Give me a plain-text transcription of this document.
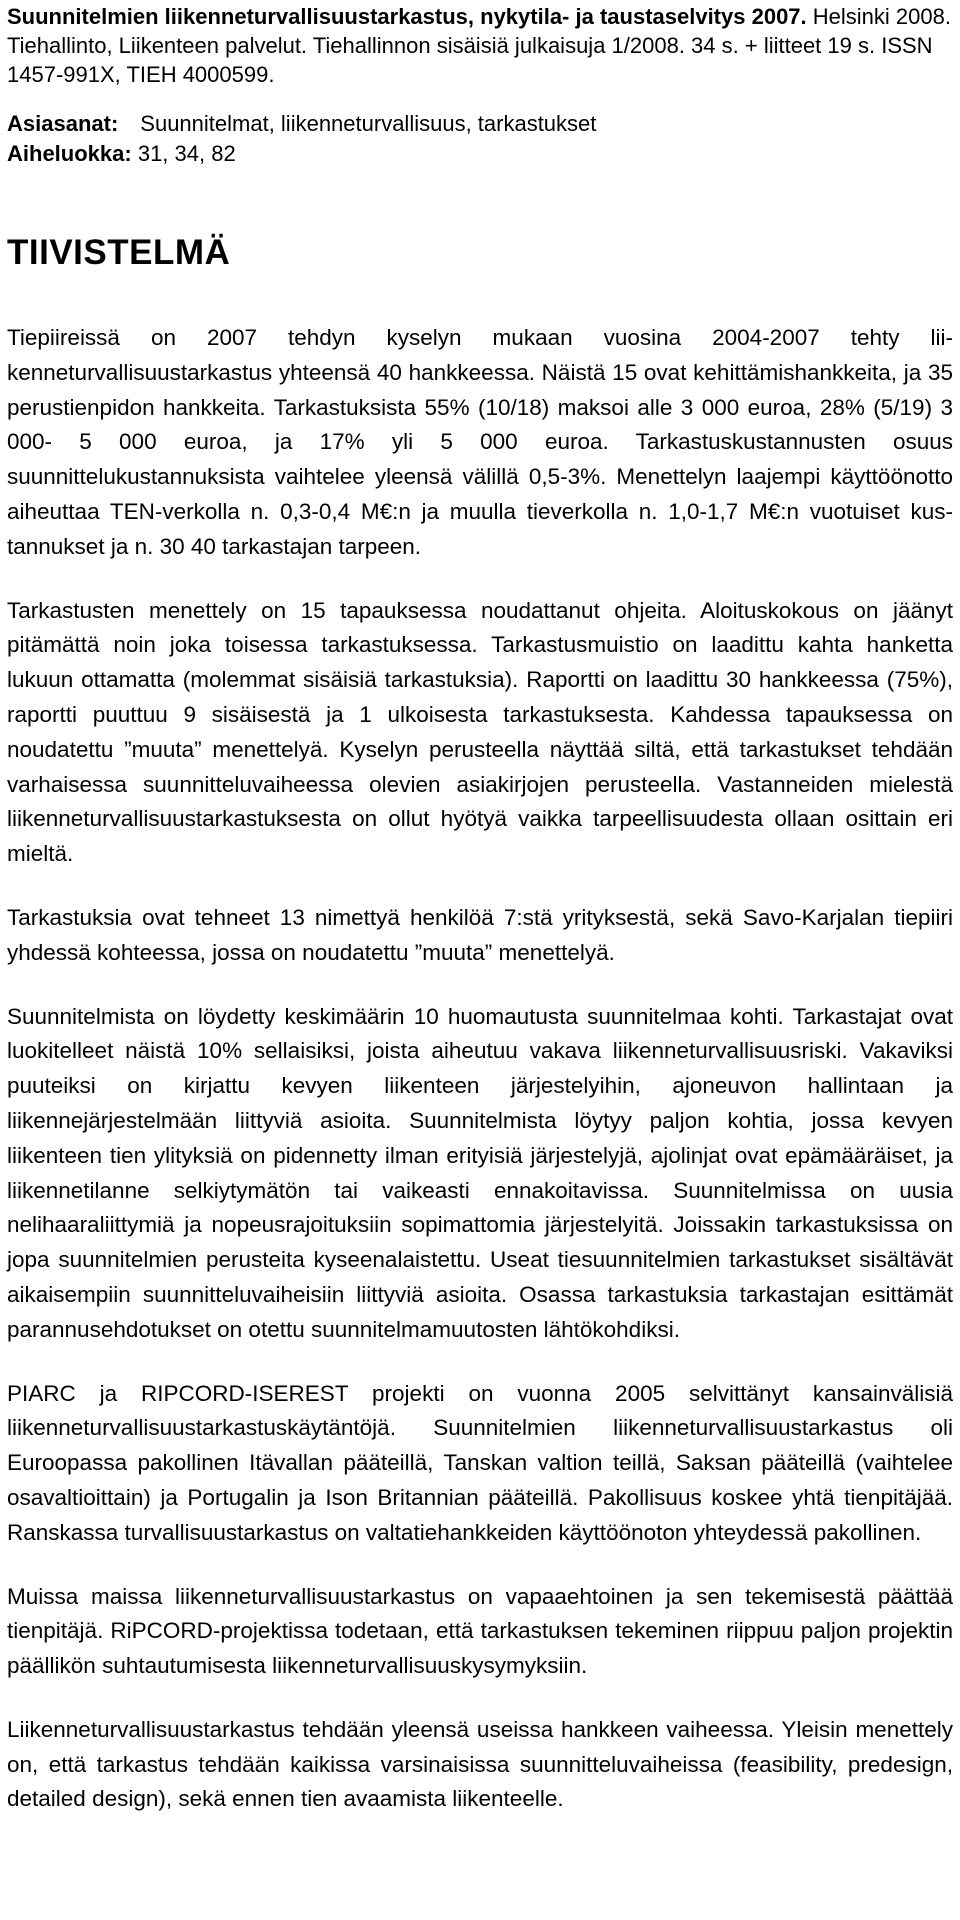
Suunnitelmien liikenneturvallisuustarkastus, nykytila- ja taustaselvitys 2007. Helsinki 2008. Tiehallinto, Liikenteen palvelut. Tiehallinnon sisäisiä julkaisuja 1/2008. 34 s. + liitteet 19 s. ISSN 1457-991X, TIEH 4000599.

Asiasanat: Suunnitelmat, liikenneturvallisuus, tarkastukset

Aiheluokka: 31, 34, 82

TIIVISTELMÄ

Tiepiireissä on 2007 tehdyn kyselyn mukaan vuosina 2004-2007 tehty liikenneturvallisuustarkastus yhteensä 40 hankkeessa. Näistä 15 ovat kehittämishankkeita, ja 35 perustienpidon hankkeita. Tarkastuksista 55% (10/18) maksoi alle 3 000 euroa, 28% (5/19) 3 000- 5 000 euroa, ja 17% yli 5 000 euroa. Tarkastuskustannusten osuus suunnittelukustannuksista vaihtelee yleensä välillä 0,5-3%. Menettelyn laajempi käyttöönotto aiheuttaa TEN-verkolla n. 0,3-0,4 M€:n ja muulla tieverkolla n. 1,0-1,7 M€:n vuotuiset kustannukset ja n. 30 40 tarkastajan tarpeen.

Tarkastusten menettely on 15 tapauksessa noudattanut ohjeita. Aloituskokous on jäänyt pitämättä noin joka toisessa tarkastuksessa. Tarkastusmuistio on laadittu kahta hanketta lukuun ottamatta (molemmat sisäisiä tarkastuksia). Raportti on laadittu 30 hankkeessa (75%), raportti puuttuu 9 sisäisestä ja 1 ulkoisesta tarkastuksesta. Kahdessa tapauksessa on noudatettu ”muuta” menettelyä. Kyselyn perusteella näyttää siltä, että tarkastukset tehdään varhaisessa suunnitteluvaiheessa olevien asiakirjojen perusteella. Vastanneiden mielestä liikenneturvallisuustarkastuksesta on ollut hyötyä vaikka tarpeellisuudesta ollaan osittain eri mieltä.

Tarkastuksia ovat tehneet 13 nimettyä henkilöä 7:stä yrityksestä, sekä Savo-Karjalan tiepiiri yhdessä kohteessa, jossa on noudatettu ”muuta” menettelyä.

Suunnitelmista on löydetty keskimäärin 10 huomautusta suunnitelmaa kohti. Tarkastajat ovat luokitelleet näistä 10% sellaisiksi, joista aiheutuu vakava liikenneturvallisuusriski. Vakaviksi puuteiksi on kirjattu kevyen liikenteen järjestelyihin, ajoneuvon hallintaan ja liikennejärjestelmään liittyviä asioita. Suunnitelmista löytyy paljon kohtia, jossa kevyen liikenteen tien ylityksiä on pidennetty ilman erityisiä järjestelyjä, ajolinjat ovat epämääräiset, ja liikennetilanne selkiytymätön tai vaikeasti ennakoitavissa. Suunnitelmissa on uusia nelihaaraliittymiä ja nopeusrajoituksiin sopimattomia järjestelyitä. Joissakin tarkastuksissa on jopa suunnitelmien perusteita kyseenalaistettu. Useat tiesuunnitelmien tarkastukset sisältävät aikaisempiin suunnitteluvaiheisiin liittyviä asioita. Osassa tarkastuksia tarkastajan esittämät parannusehdotukset on otettu suunnitelmamuutosten lähtökohdiksi.

PIARC ja RIPCORD-ISEREST projekti on vuonna 2005 selvittänyt kansainvälisiä liikenneturvallisuustarkastuskäytäntöjä. Suunnitelmien liikenneturvallisuustarkastus oli Euroopassa pakollinen Itävallan pääteillä, Tanskan valtion teillä, Saksan pääteillä (vaihtelee osavaltioittain) ja Portugalin ja Ison Britannian pääteillä. Pakollisuus koskee yhtä tienpitäjää. Ranskassa turvallisuustarkastus on valtatiehankkeiden käyttöönoton yhteydessä pakollinen.

Muissa maissa liikenneturvallisuustarkastus on vapaaehtoinen ja sen tekemisestä päättää tienpitäjä. RiPCORD-projektissa todetaan, että tarkastuksen tekeminen riippuu paljon projektin päällikön suhtautumisesta liikenneturvallisuuskysymyksiin.

Liikenneturvallisuustarkastus tehdään yleensä useissa hankkeen vaiheessa. Yleisin menettely on, että tarkastus tehdään kaikissa varsinaisissa suunnitteluvaiheissa (feasibility, predesign, detailed design), sekä ennen tien avaamista liikenteelle.
